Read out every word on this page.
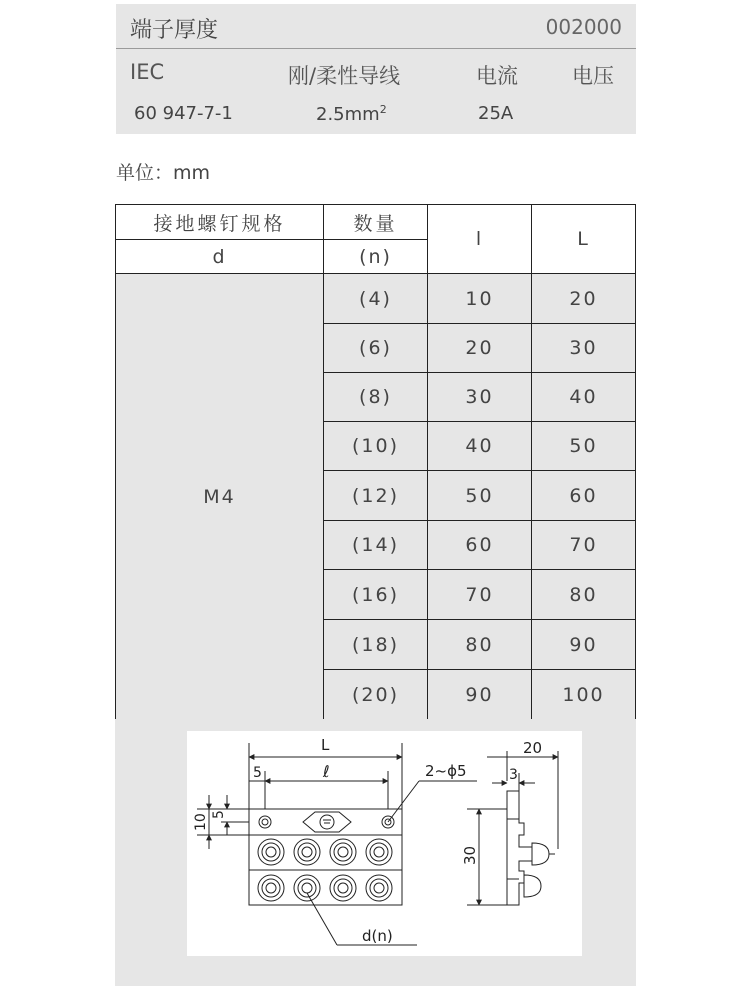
端子厚度	002000
IEC	刚/柔性导线	电流	电压
60 947-7-1	$2.5mm^2$	25A
单位：mm
接地螺钉规格
d
数量
(n)
l	L
M4
(4)	10	20
(6)	20	30
(8)	30	40
(10)	40	50
(12)	50	60
(14)	60	70
(16)	70	80
(18)	80	90
(20)	90	100
L
5	ℓ	2~ϕ5
10 5
d(n)
20
3
30
